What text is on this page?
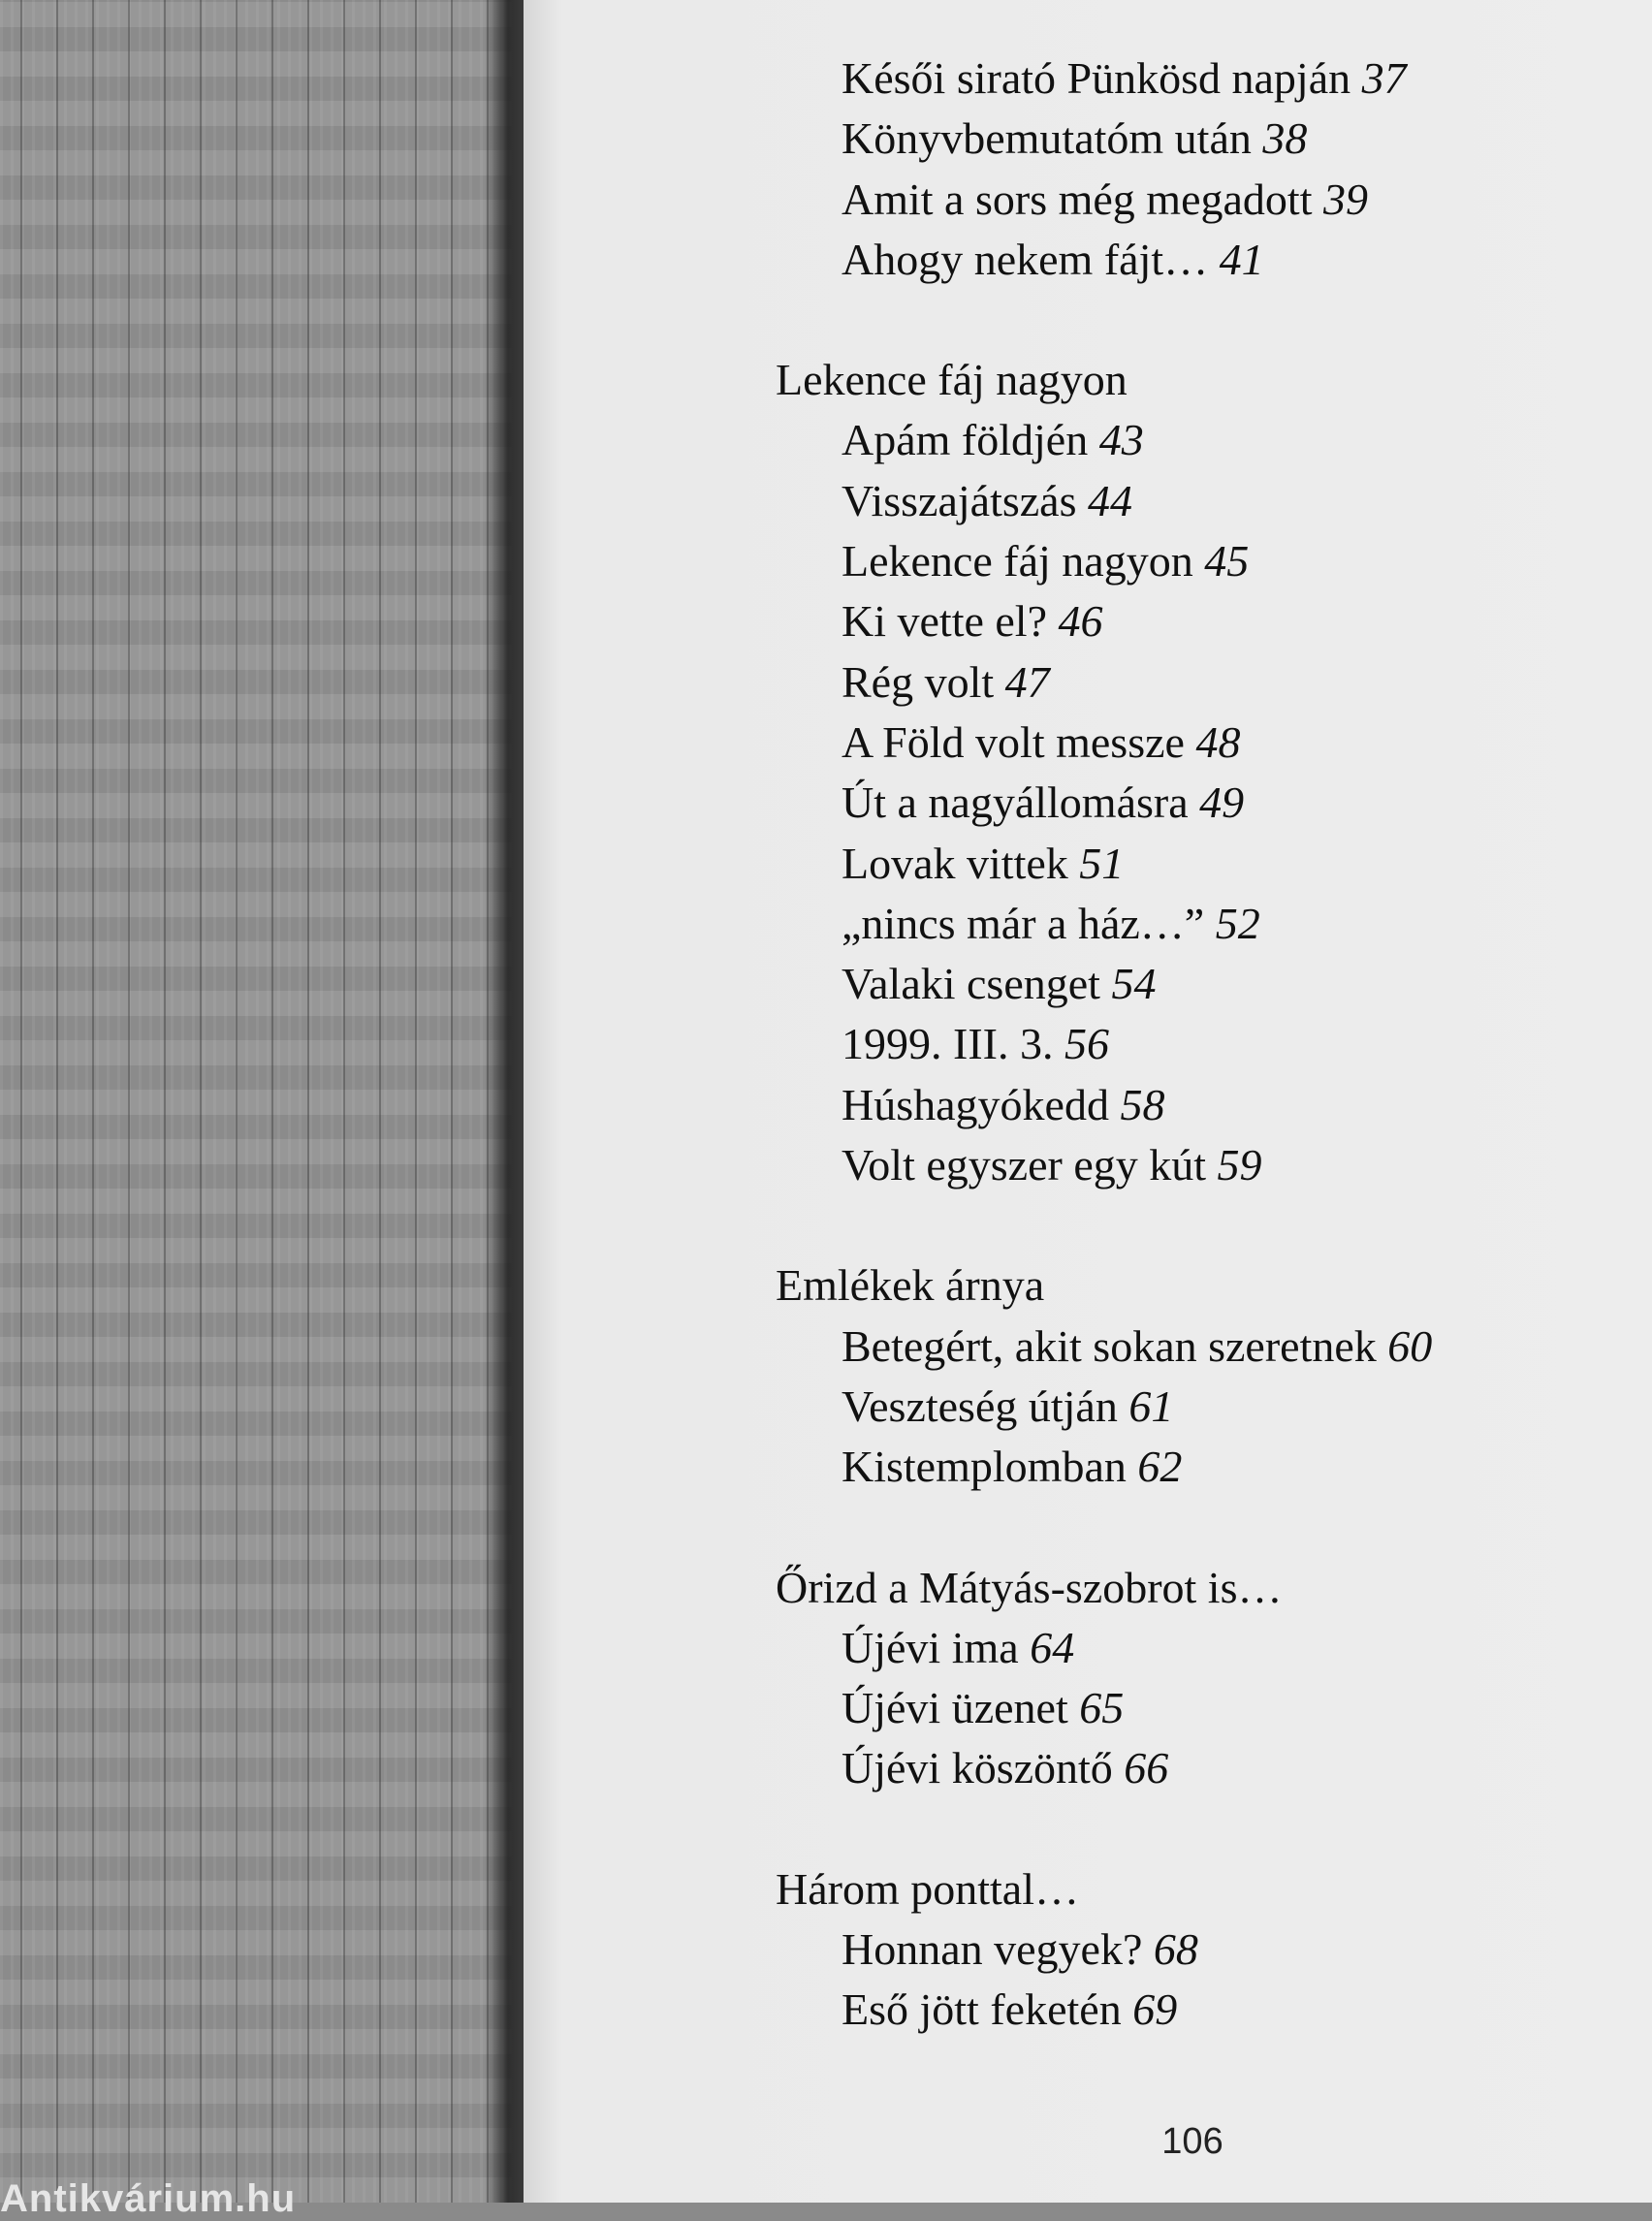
Antikvárium.hu
Késői sirató Pünkösd napján 37
Könyvbemutatóm után 38
Amit a sors még megadott 39
Ahogy nekem fájt… 41
Lekence fáj nagyon
Apám földjén 43
Visszajátszás 44
Lekence fáj nagyon 45
Ki vette el? 46
Rég volt 47
A Föld volt messze 48
Út a nagyállomásra 49
Lovak vittek 51
„nincs már a ház…” 52
Valaki csenget 54
1999. III. 3. 56
Húshagyókedd 58
Volt egyszer egy kút 59
Emlékek árnya
Betegért, akit sokan szeretnek 60
Veszteség útján 61
Kistemplomban 62
Őrizd a Mátyás-szobrot is…
Újévi ima 64
Újévi üzenet 65
Újévi köszöntő 66
Három ponttal…
Honnan vegyek? 68
Eső jött feketén 69
106
